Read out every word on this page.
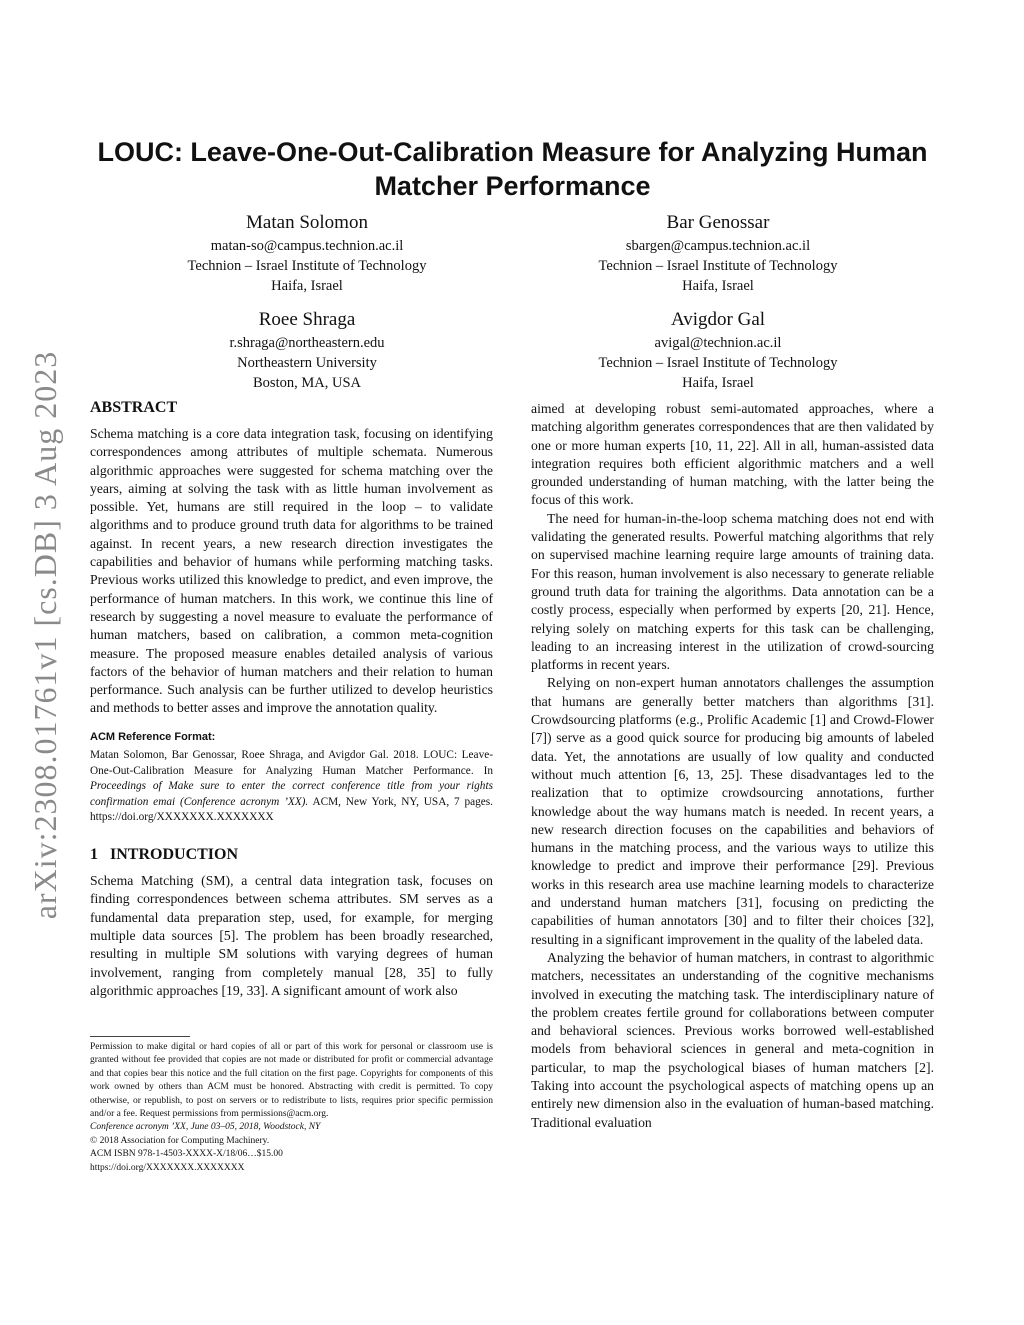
LOUC: Leave-One-Out-Calibration Measure for Analyzing Human Matcher Performance
Matan Solomon
matan-so@campus.technion.ac.il
Technion – Israel Institute of Technology
Haifa, Israel
Bar Genossar
sbargen@campus.technion.ac.il
Technion – Israel Institute of Technology
Haifa, Israel
Roee Shraga
r.shraga@northeastern.edu
Northeastern University
Boston, MA, USA
Avigdor Gal
avigal@technion.ac.il
Technion – Israel Institute of Technology
Haifa, Israel
arXiv:2308.01761v1 [cs.DB] 3 Aug 2023	ABSTRACT

Schema matching is a core data integration task, focusing on identifying correspondences among attributes of multiple schemata. Numerous algorithmic approaches were suggested for schema matching over the years, aiming at solving the task with as little human involvement as possible. Yet, humans are still required in the loop – to validate algorithms and to produce ground truth data for algorithms to be trained against. In recent years, a new research direction investigates the capabilities and behavior of humans while performing matching tasks. Previous works utilized this knowledge to predict, and even improve, the performance of human matchers. In this work, we continue this line of research by suggesting a novel measure to evaluate the performance of human matchers, based on calibration, a common meta-cognition measure. The proposed measure enables detailed analysis of various factors of the behavior of human matchers and their relation to human performance. Such analysis can be further utilized to develop heuristics and methods to better asses and improve the annotation quality.

ACM Reference Format:

Matan Solomon, Bar Genossar, Roee Shraga, and Avigdor Gal. 2018. LOUC: Leave-One-Out-Calibration Measure for Analyzing Human Matcher Performance. In Proceedings of Make sure to enter the correct conference title from your rights confirmation emai (Conference acronym ’XX). ACM, New York, NY, USA, 7 pages. https://doi.org/XXXXXXX.XXXXXXX

1   INTRODUCTION

Schema Matching (SM), a central data integration task, focuses on finding correspondences between schema attributes. SM serves as a fundamental data preparation step, used, for example, for merging multiple data sources [5]. The problem has been broadly researched, resulting in multiple SM solutions with varying degrees of human involvement, ranging from completely manual [28, 35] to fully algorithmic approaches [19, 33]. A significant amount of work also

Permission to make digital or hard copies of all or part of this work for personal or classroom use is granted without fee provided that copies are not made or distributed for profit or commercial advantage and that copies bear this notice and the full citation on the first page. Copyrights for components of this work owned by others than ACM must be honored. Abstracting with credit is permitted. To copy otherwise, or republish, to post on servers or to redistribute to lists, requires prior specific permission and/or a fee. Request permissions from permissions@acm.org.

Conference acronym ’XX, June 03–05, 2018, Woodstock, NY

© 2018 Association for Computing Machinery.

ACM ISBN 978-1-4503-XXXX-X/18/06…$15.00

https://doi.org/XXXXXXX.XXXXXXX

aimed at developing robust semi-automated approaches, where a matching algorithm generates correspondences that are then validated by one or more human experts [10, 11, 22]. All in all, human-assisted data integration requires both efficient algorithmic matchers and a well grounded understanding of human matching, with the latter being the focus of this work.

The need for human-in-the-loop schema matching does not end with validating the generated results. Powerful matching algorithms that rely on supervised machine learning require large amounts of training data. For this reason, human involvement is also necessary to generate reliable ground truth data for training the algorithms. Data annotation can be a costly process, especially when performed by experts [20, 21]. Hence, relying solely on matching experts for this task can be challenging, leading to an increasing interest in the utilization of crowd-sourcing platforms in recent years.

Relying on non-expert human annotators challenges the assumption that humans are generally better matchers than algorithms [31]. Crowdsourcing platforms (e.g., Prolific Academic [1] and Crowd-Flower [7]) serve as a good quick source for producing big amounts of labeled data. Yet, the annotations are usually of low quality and conducted without much attention [6, 13, 25]. These disadvantages led to the realization that to optimize crowdsourcing annotations, further knowledge about the way humans match is needed. In recent years, a new research direction focuses on the capabilities and behaviors of humans in the matching process, and the various ways to utilize this knowledge to predict and improve their performance [29]. Previous works in this research area use machine learning models to characterize and understand human matchers [31], focusing on predicting the capabilities of human annotators [30] and to filter their choices [32], resulting in a significant improvement in the quality of the labeled data.

Analyzing the behavior of human matchers, in contrast to algorithmic matchers, necessitates an understanding of the cognitive mechanisms involved in executing the matching task. The interdisciplinary nature of the problem creates fertile ground for collaborations between computer and behavioral sciences. Previous works borrowed well-established models from behavioral sciences in general and meta-cognition in particular, to map the psychological biases of human matchers [2]. Taking into account the psychological aspects of matching opens up an entirely new dimension also in the evaluation of human-based matching. Traditional evaluation
